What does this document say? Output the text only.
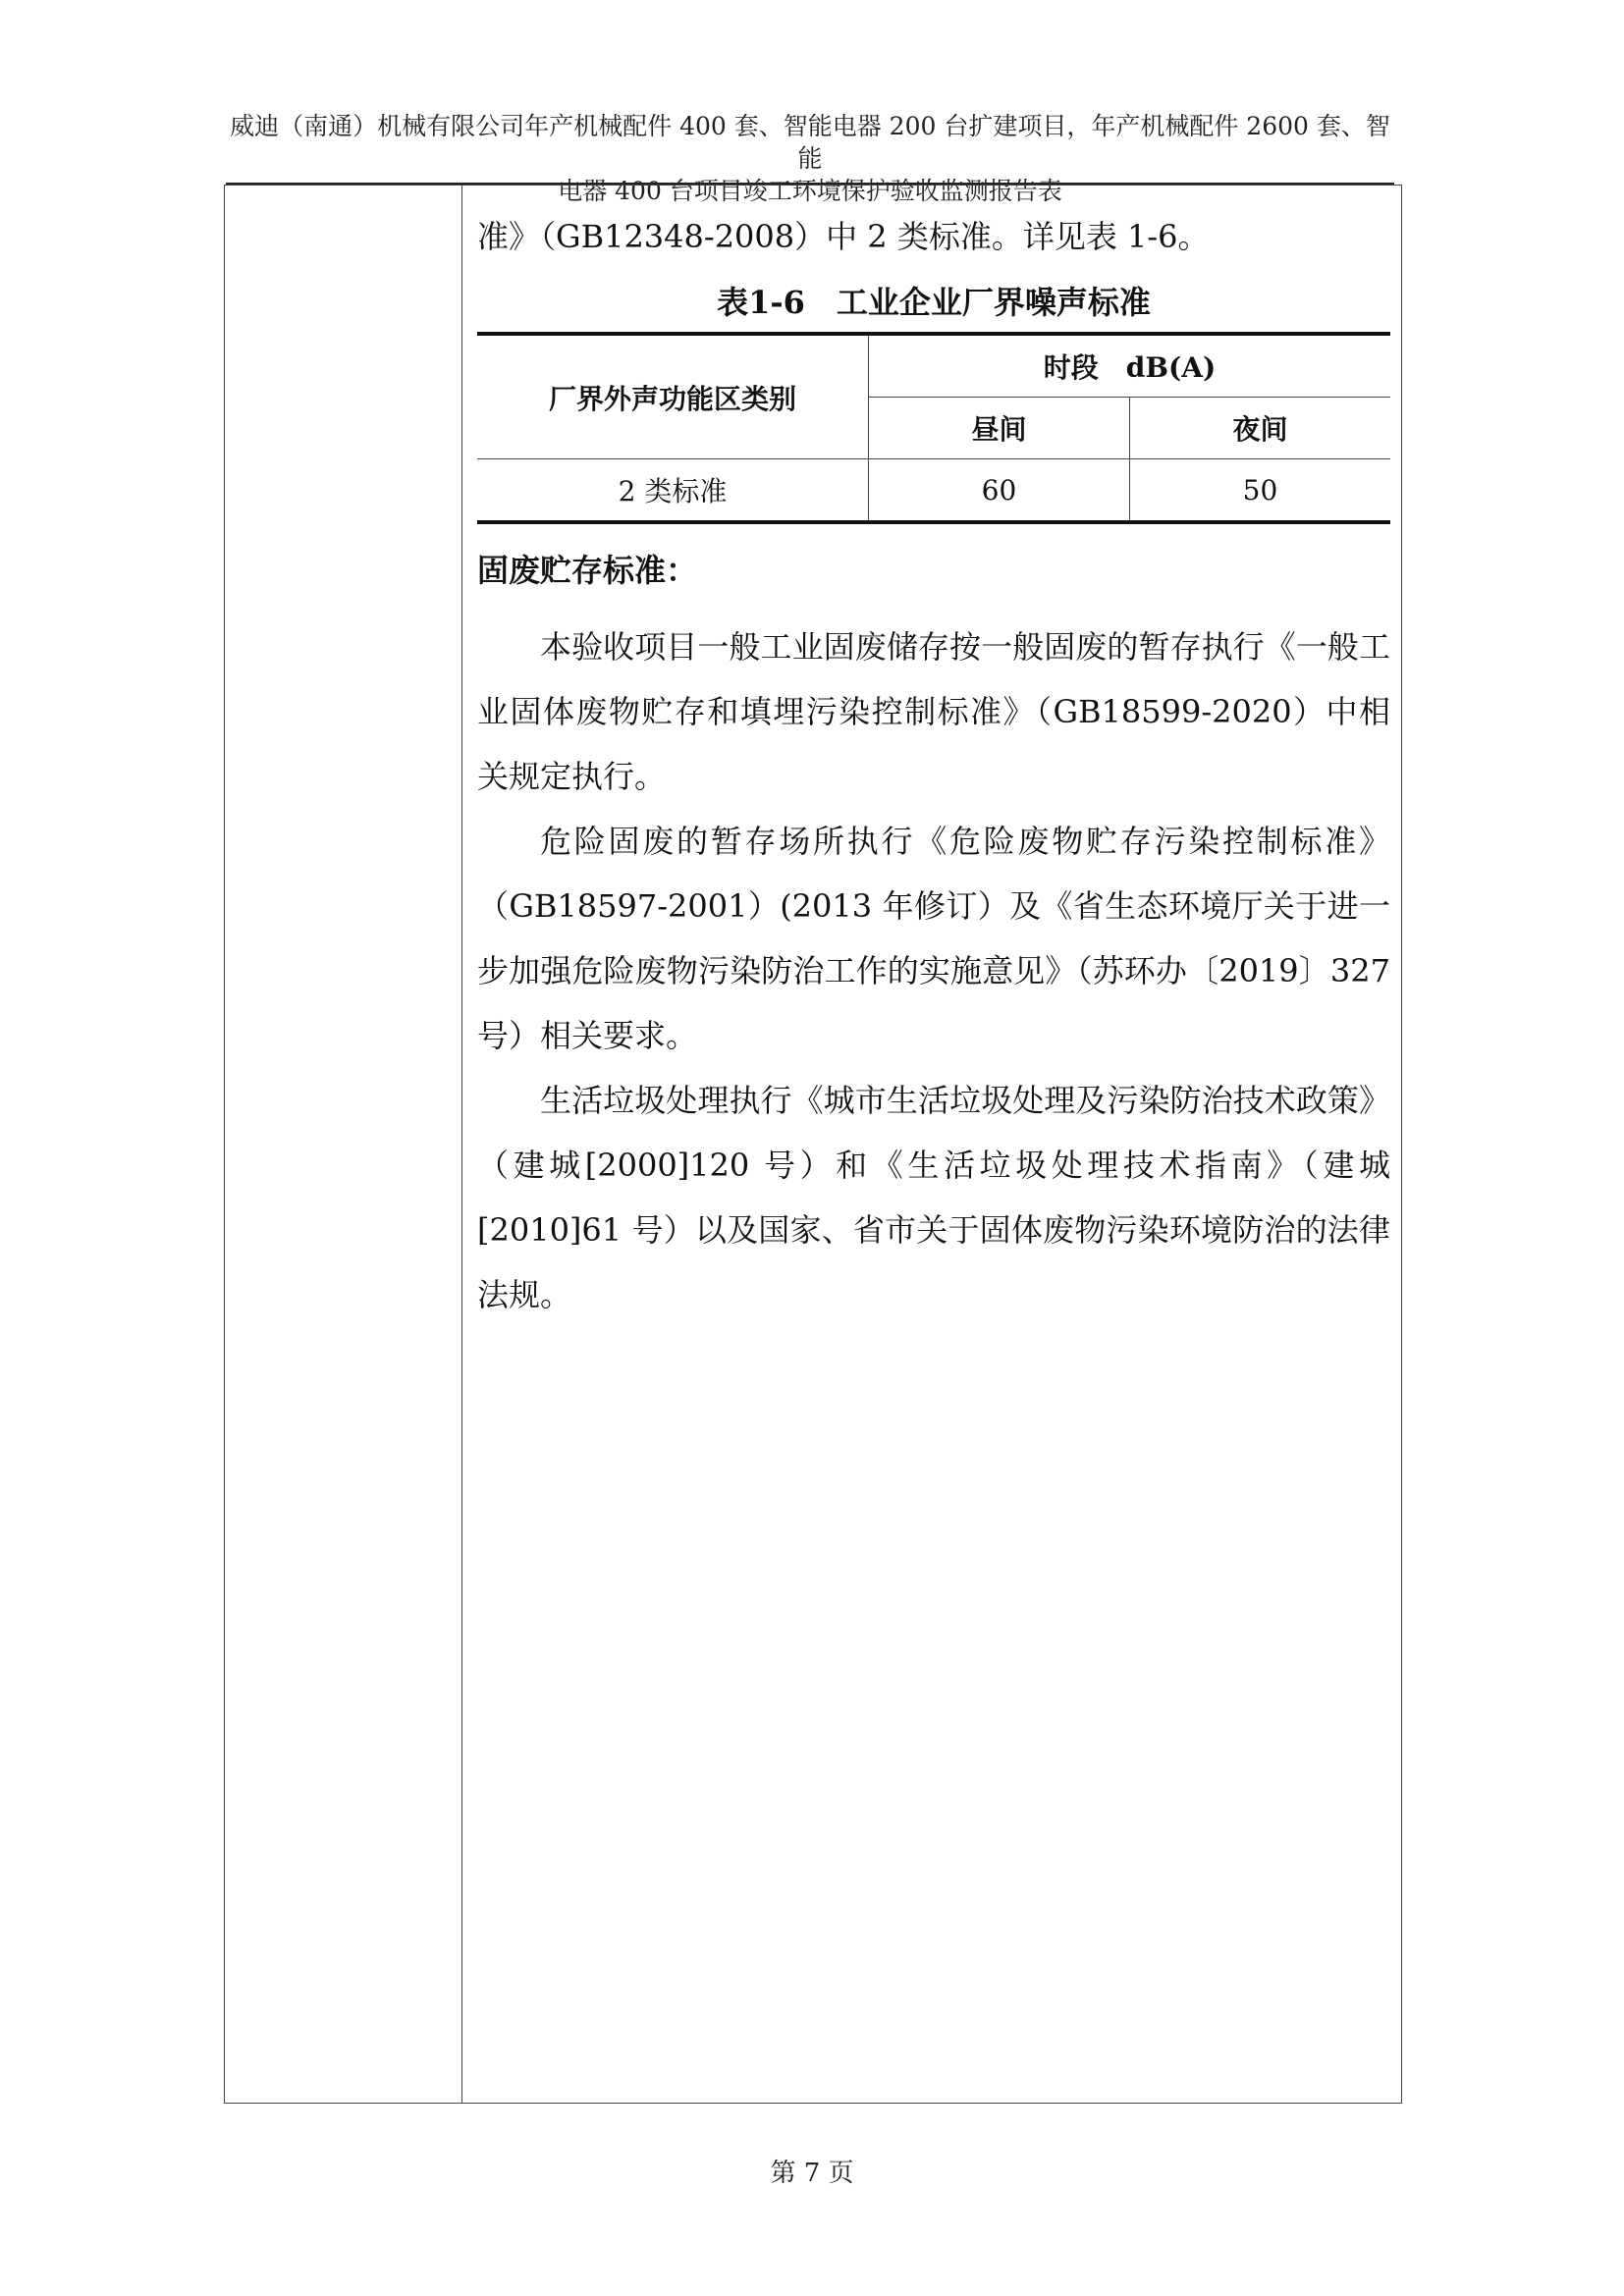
威迪（南通）机械有限公司年产机械配件 400 套、智能电器 200 台扩建项目，年产机械配件 2600 套、智能
电器 400 台项目竣工环境保护验收监测报告表

准》（GB12348-2008）中 2 类标准。详见表 1-6。

表1-6　工业企业厂界噪声标准
厂界外声功能区类别	时段　dB(A)	
	昼间	夜间
2 类标准	60	50

固废贮存标准：

本验收项目一般工业固废储存按一般固废的暂存执行《一般工业固体废物贮存和填埋污染控制标准》（GB18599-2020）中相关规定执行。

危险固废的暂存场所执行《危险废物贮存污染控制标准》（GB18597-2001）(2013 年修订）及《省生态环境厅关于进一步加强危险废物污染防治工作的实施意见》（苏环办〔2019〕327 号）相关要求。

生活垃圾处理执行《城市生活垃圾处理及污染防治技术政策》（建城[2000]120 号）和《生活垃圾处理技术指南》（建城[2010]61 号）以及国家、省市关于固体废物污染环境防治的法律法规。

第 7 页
